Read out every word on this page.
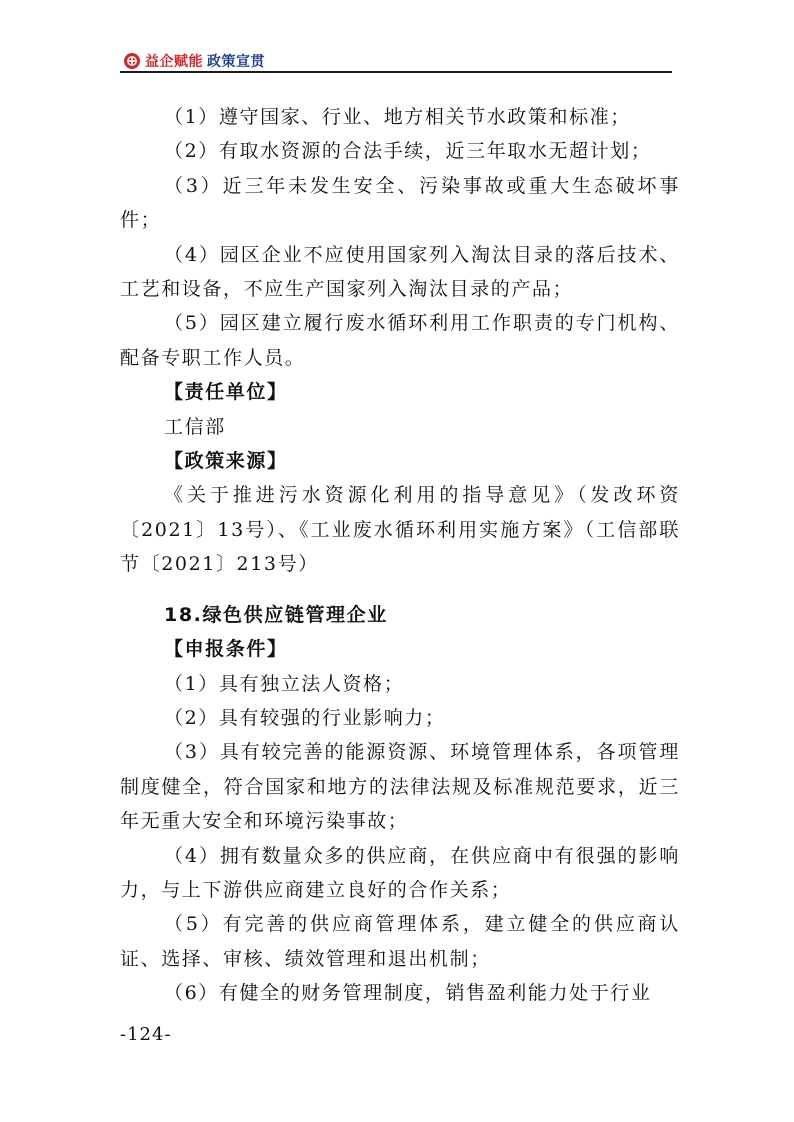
益企赋能 政策宣贯

（1）遵守国家、行业、地方相关节水政策和标准；

（2）有取水资源的合法手续，近三年取水无超计划；

（3）近三年未发生安全、污染事故或重大生态破坏事件；

（4）园区企业不应使用国家列入淘汰目录的落后技术、工艺和设备，不应生产国家列入淘汰目录的产品；

（5）园区建立履行废水循环利用工作职责的专门机构、配备专职工作人员。

【责任单位】

工信部

【政策来源】

《关于推进污水资源化利用的指导意见》（发改环资〔2021〕13号）、《工业废水循环利用实施方案》（工信部联节〔2021〕213号）

18.绿色供应链管理企业

【申报条件】

（1）具有独立法人资格；

（2）具有较强的行业影响力；

（3）具有较完善的能源资源、环境管理体系，各项管理制度健全，符合国家和地方的法律法规及标准规范要求，近三年无重大安全和环境污染事故；

（4）拥有数量众多的供应商，在供应商中有很强的影响力，与上下游供应商建立良好的合作关系；

（5）有完善的供应商管理体系，建立健全的供应商认证、选择、审核、绩效管理和退出机制；

（6）有健全的财务管理制度，销售盈利能力处于行业

-124-
